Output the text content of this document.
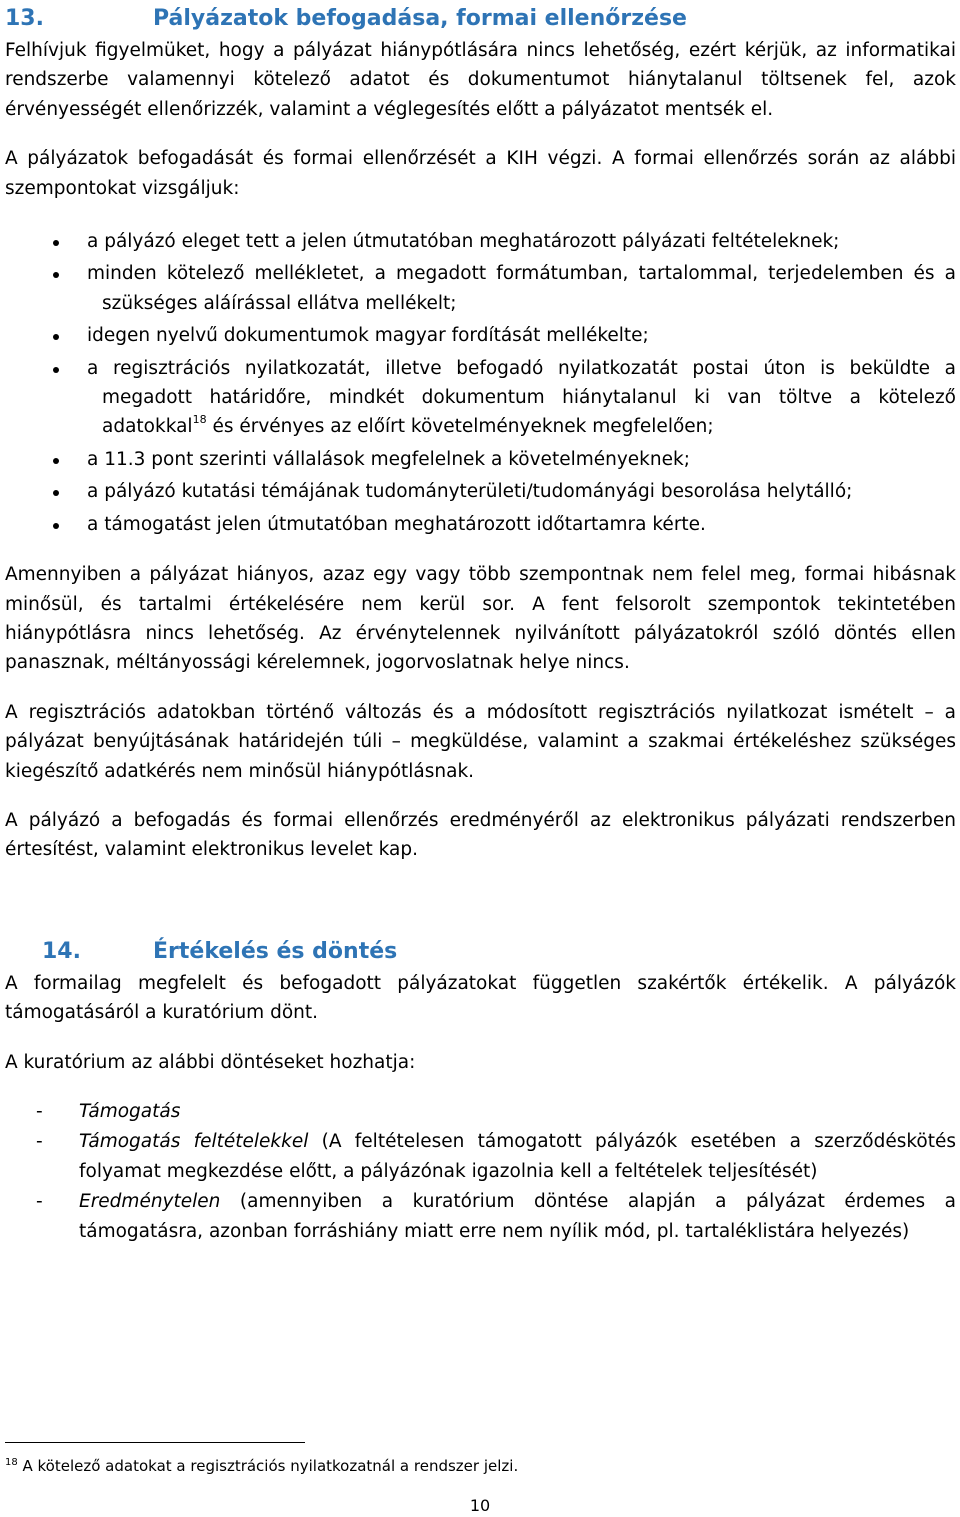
13.	Pályázatok befogadása, formai ellenőrzése

Felhívjuk figyelmüket, hogy a pályázat hiánypótlására nincs lehetőség, ezért kérjük, az informatikai rendszerbe valamennyi kötelező adatot és dokumentumot hiánytalanul töltsenek fel, azok érvényességét ellenőrizzék, valamint a véglegesítés előtt a pályázatot mentsék el.

A pályázatok befogadását és formai ellenőrzését a KIH végzi. A formai ellenőrzés során az alábbi szempontokat vizsgáljuk:

a pályázó eleget tett a jelen útmutatóban meghatározott pályázati feltételeknek;
minden kötelező mellékletet, a megadott formátumban, tartalommal, terjedelemben és a szükséges aláírással ellátva mellékelt;
idegen nyelvű dokumentumok magyar fordítását mellékelte;
a regisztrációs nyilatkozatát, illetve befogadó nyilatkozatát postai úton is beküldte a megadott határidőre, mindkét dokumentum hiánytalanul ki van töltve a kötelező adatokkal$^{18}$ és érvényes az előírt követelményeknek megfelelően;
a 11.3 pont szerinti vállalások megfelelnek a követelményeknek;
a pályázó kutatási témájának tudományterületi/tudományági besorolása helytálló;
a támogatást jelen útmutatóban meghatározott időtartamra kérte.

Amennyiben a pályázat hiányos, azaz egy vagy több szempontnak nem felel meg, formai hibásnak minősül, és tartalmi értékelésére nem kerül sor. A fent felsorolt szempontok tekintetében hiánypótlásra nincs lehetőség. Az érvénytelennek nyilvánított pályázatokról szóló döntés ellen panasznak, méltányossági kérelemnek, jogorvoslatnak helye nincs.

A regisztrációs adatokban történő változás és a módosított regisztrációs nyilatkozat ismételt – a pályázat benyújtásának határidején túli – megküldése, valamint a szakmai értékeléshez szükséges kiegészítő adatkérés nem minősül hiánypótlásnak.

A pályázó a befogadás és formai ellenőrzés eredményéről az elektronikus pályázati rendszerben értesítést, valamint elektronikus levelet kap.

14.	Értékelés és döntés

A formailag megfelelt és befogadott pályázatokat független szakértők értékelik. A pályázók támogatásáról a kuratórium dönt.

A kuratórium az alábbi döntéseket hozhatja:

- Támogatás
- Támogatás feltételekkel (A feltételesen támogatott pályázók esetében a szerződéskötés folyamat megkezdése előtt, a pályázónak igazolnia kell a feltételek teljesítését)
- Eredménytelen (amennyiben a kuratórium döntése alapján a pályázat érdemes a támogatásra, azonban forráshiány miatt erre nem nyílik mód, pl. tartaléklistára helyezés)
$^{18}$ A kötelező adatokat a regisztrációs nyilatkozatnál a rendszer jelzi.
10
